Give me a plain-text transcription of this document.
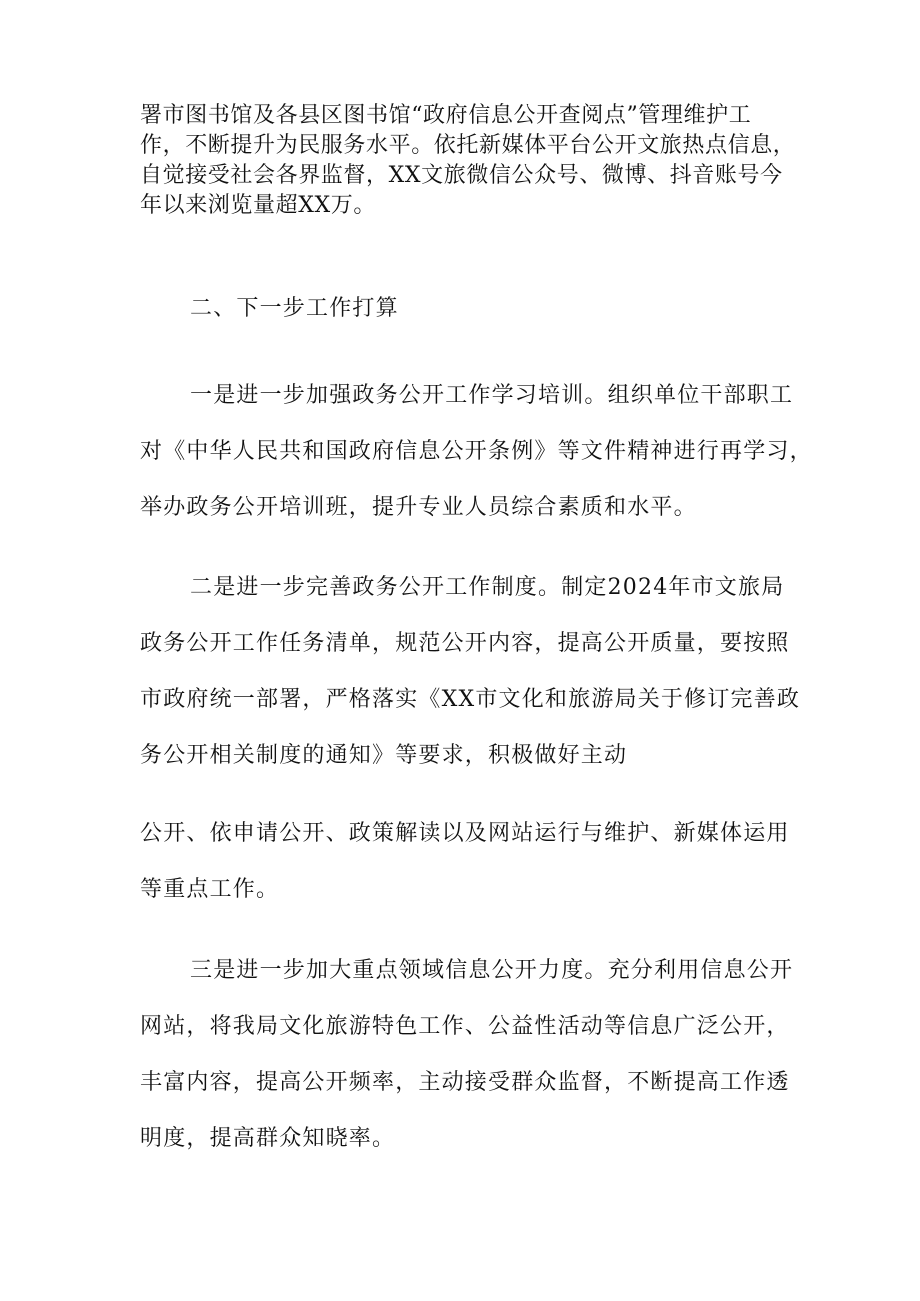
署市图书馆及各县区图书馆“政府信息公开查阅点”管理维护工
作，不断提升为民服务水平。依托新媒体平台公开文旅热点信息，
自觉接受社会各界监督，XX文旅微信公众号、微博、抖音账号今
年以来浏览量超XX万。
二、下一步工作打算
一是进一步加强政务公开工作学习培训。组织单位干部职工
对《中华人民共和国政府信息公开条例》等文件精神进行再学习，
举办政务公开培训班，提升专业人员综合素质和水平。
二是进一步完善政务公开工作制度。制定2024年市文旅局
政务公开工作任务清单，规范公开内容，提高公开质量，要按照
市政府统一部署，严格落实《XX市文化和旅游局关于修订完善政
务公开相关制度的通知》等要求，积极做好主动
公开、依申请公开、政策解读以及网站运行与维护、新媒体运用
等重点工作。
三是进一步加大重点领域信息公开力度。充分利用信息公开
网站，将我局文化旅游特色工作、公益性活动等信息广泛公开，
丰富内容，提高公开频率，主动接受群众监督，不断提高工作透
明度，提高群众知晓率。
